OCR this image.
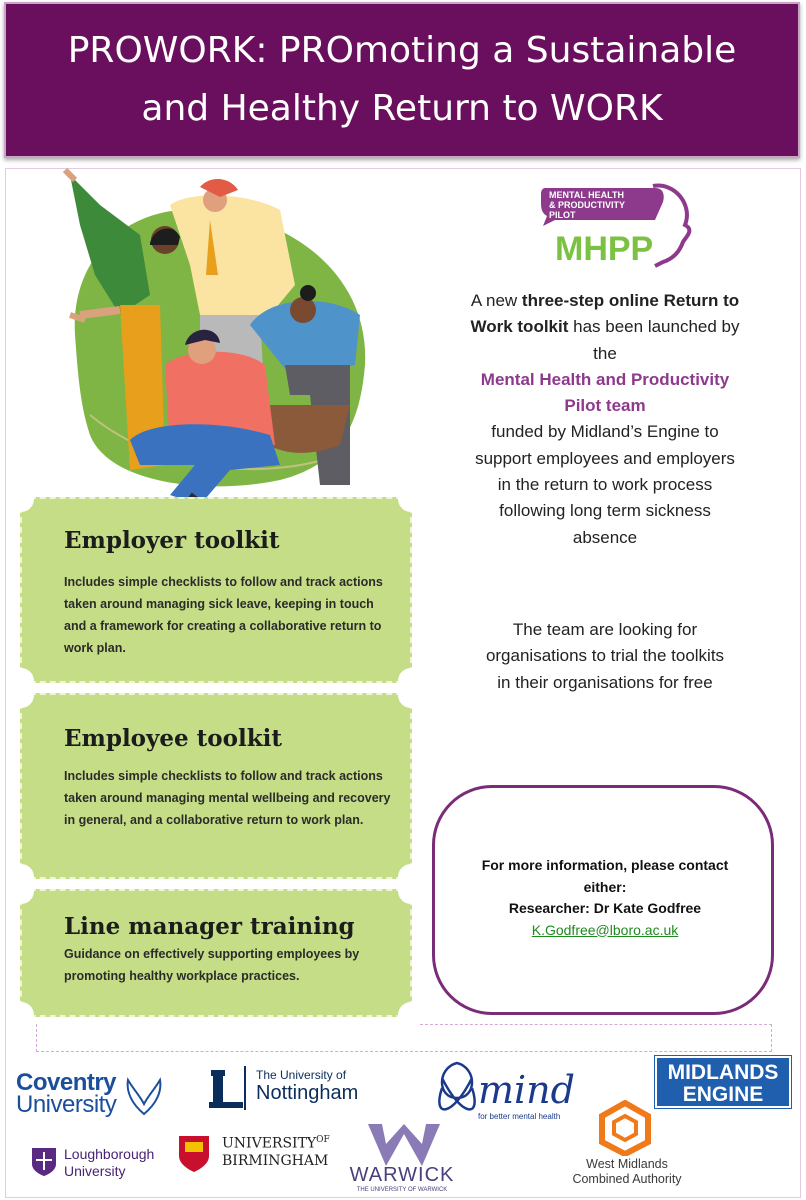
PROWORK: PROmoting a Sustainable and Healthy Return to WORK
Employer toolkit
Includes simple checklists to follow and track actions taken around managing sick leave, keeping in touch and a framework for creating a collaborative return to work plan.
Employee toolkit
Includes simple checklists to follow and track actions taken around managing mental wellbeing and recovery in general, and a collaborative return to work plan.
Line manager training
Guidance on effectively supporting employees by promoting healthy workplace practices.
MENTAL HEALTH
& PRODUCTIVITY
PILOT
MHPP
A new three-step online Return to Work toolkit has been launched by the
Mental Health and Productivity Pilot team
funded by Midland’s Engine to support employees and employers in the return to work process following long term sickness absence
The team are looking for organisations to trial the toolkits in their organisations for free
For more information, please contact either:
Researcher: Dr Kate Godfree
K.Godfree@lboro.ac.uk
Coventry
University
The University of
Nottingham	mind
for better mental health
MIDLANDS
ENGINE
Loughborough
University
$UNIVERSITY^{OF}$
BIRMINGHAM
WARWICK
THE UNIVERSITY OF WARWICK
West Midlands
Combined Authority
